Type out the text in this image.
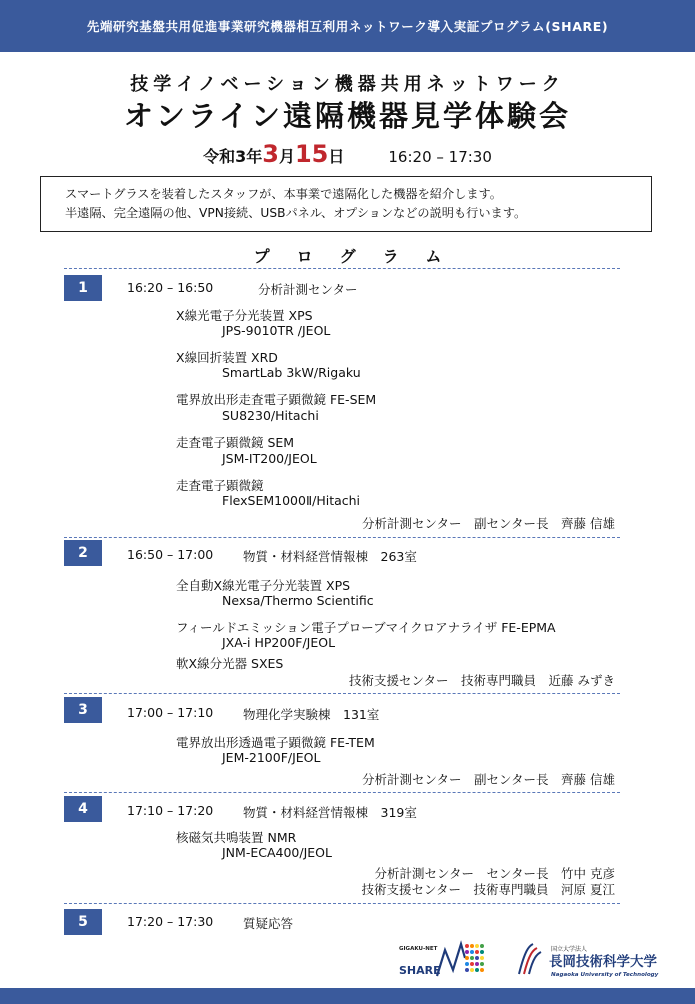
先端研究基盤共用促進事業研究機器相互利用ネットワーク導入実証プログラム(SHARE)
技学イノベーション機器共用ネットワーク
オンライン遠隔機器見学体験会
令和3年3月15日	16:20 – 17:30
スマートグラスを装着したスタッフが、本事業で遠隔化した機器を紹介します。
半遠隔、完全遠隔の他、VPN接続、USBパネル、オプションなどの説明も行います。
プログラム
1	16:20 – 16:50	分析計測センター
X線光電子分光装置 XPS
JPS-9010TR /JEOL
X線回折装置 XRD
SmartLab 3kW/Rigaku
電界放出形走査電子顕微鏡 FE-SEM
SU8230/Hitachi
走査電子顕微鏡 SEM
JSM-IT200/JEOL
走査電子顕微鏡
FlexSEM1000Ⅱ/Hitachi
分析計測センター　副センター長　齊藤 信雄
2	16:50 – 17:00 物質・材料経営情報棟　263室
全自動X線光電子分光装置 XPS
Nexsa/Thermo Scientific
フィールドエミッション電子プローブマイクロアナライザ FE-EPMA
JXA-i HP200F/JEOL
軟X線分光器 SXES
技術支援センター　技術専門職員　近藤 みずき
3	17:00 – 17:10 物理化学実験棟　131室
電界放出形透過電子顕微鏡 FE-TEM
JEM-2100F/JEOL
分析計測センター　副センター長　齊藤 信雄
4	17:10 – 17:20 物質・材料経営情報棟　319室
核磁気共鳴装置 NMR
JNM-ECA400/JEOL
分析計測センター　センター長　竹中 克彦
技術支援センター　技術専門職員　河原 夏江
5	17:20 – 17:30 質疑応答
GIGAKU-NET
SHARE
国立大学法人
長岡技術科学大学
Nagaoka University of Technology
